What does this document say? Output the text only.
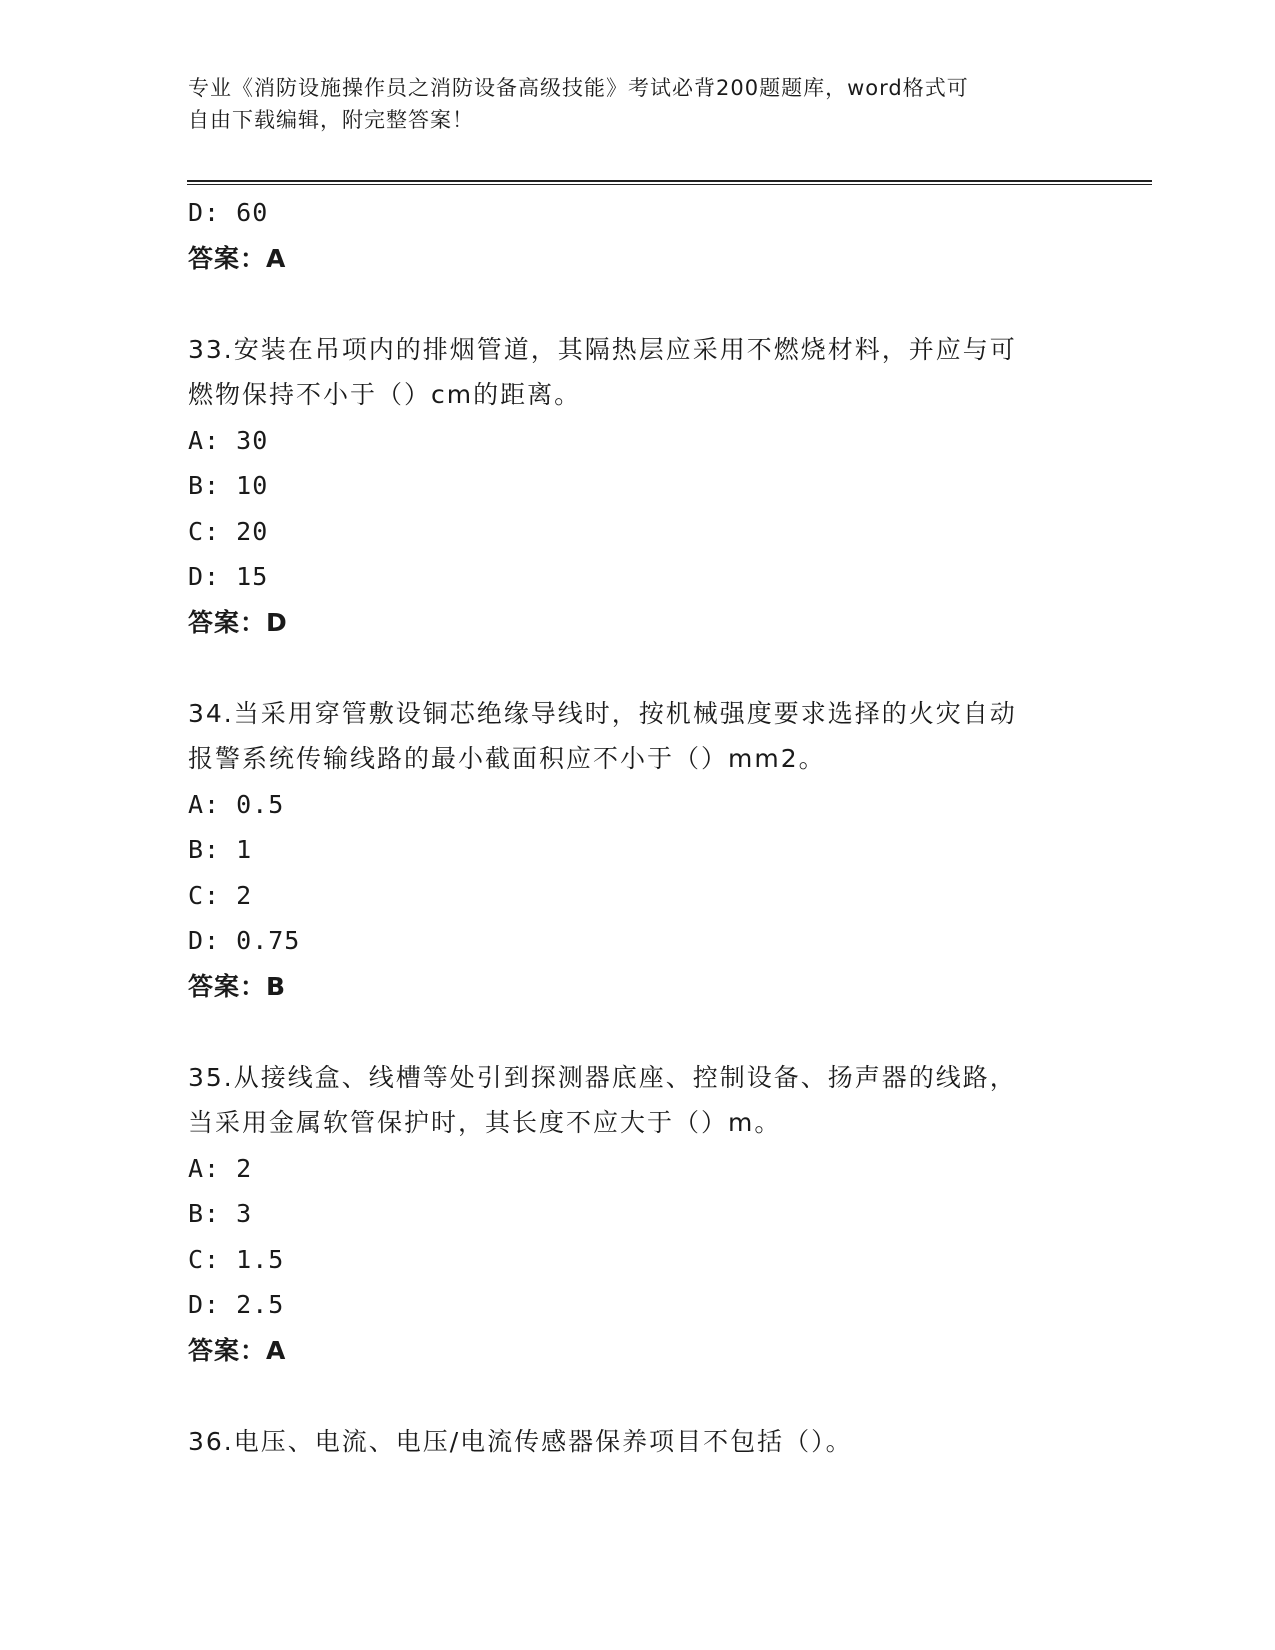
专业《消防设施操作员之消防设备高级技能》考试必背200题题库，word格式可
自由下载编辑，附完整答案！
D: 60
答案：A
33.安装在吊项内的排烟管道，其隔热层应采用不燃烧材料，并应与可
燃物保持不小于（）cm的距离。
A: 30
B: 10
C: 20
D: 15
答案：D
34.当采用穿管敷设铜芯绝缘导线时，按机械强度要求选择的火灾自动
报警系统传输线路的最小截面积应不小于（）mm2。
A: 0.5
B: 1
C: 2
D: 0.75
答案：B
35.从接线盒、线槽等处引到探测器底座、控制设备、扬声器的线路，
当采用金属软管保护时，其长度不应大于（）m。
A: 2
B: 3
C: 1.5
D: 2.5
答案：A
36.电压、电流、电压/电流传感器保养项目不包括（）。
